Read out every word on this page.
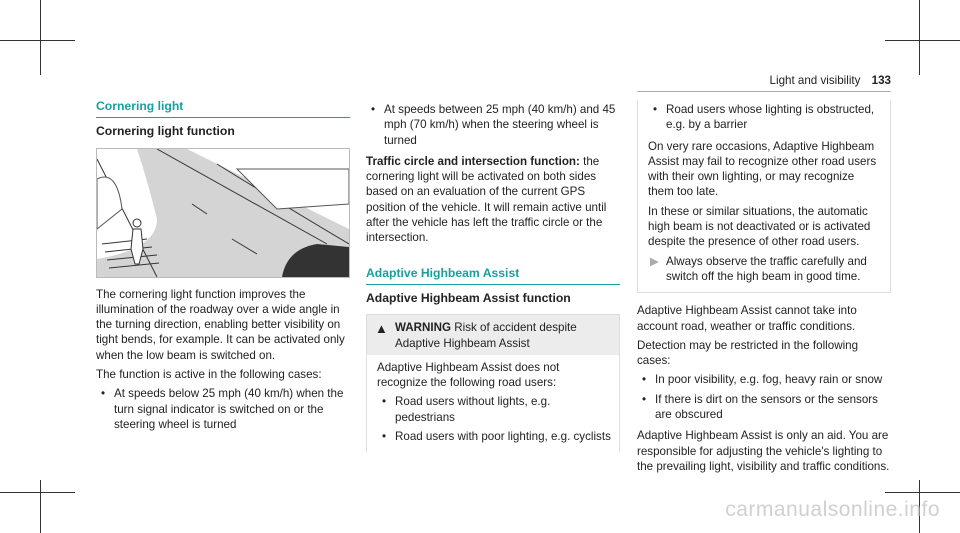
Light and visibility 133
Cornering light
Cornering light function

The cornering light function improves the illumination of the roadway over a wide angle in the turning direction, enabling better visibility on tight bends, for example. It can be activated only when the low beam is switched on.

The function is active in the following cases:

• At speeds below 25 mph (40 km/h) when the turn signal indicator is switched on or the steering wheel is turned
• At speeds between 25 mph (40 km/h) and 45 mph (70 km/h) when the steering wheel is turned

Traffic circle and intersection function: the cornering light will be activated on both sides based on an evaluation of the current GPS position of the vehicle. It will remain active until after the vehicle has left the traffic circle or the intersection.

Adaptive Highbeam Assist
Adaptive Highbeam Assist function
▲ WARNING Risk of accident despite Adaptive Highbeam Assist

Adaptive Highbeam Assist does not recognize the following road users:

• Road users without lights, e.g. pedestrians
• Road users with poor lighting, e.g. cyclists
• Road users whose lighting is obstructed, e.g. by a barrier

On very rare occasions, Adaptive Highbeam Assist may fail to recognize other road users with their own lighting, or may recognize them too late.

In these or similar situations, the automatic high beam is not deactivated or is activated despite the presence of other road users.

▶ Always observe the traffic carefully and switch off the high beam in good time.

Adaptive Highbeam Assist cannot take into account road, weather or traffic conditions.

Detection may be restricted in the following cases:

• In poor visibility, e.g. fog, heavy rain or snow
• If there is dirt on the sensors or the sensors are obscured

Adaptive Highbeam Assist is only an aid. You are responsible for adjusting the vehicle's lighting to the prevailing light, visibility and traffic conditions.

carmanualsonline.info
